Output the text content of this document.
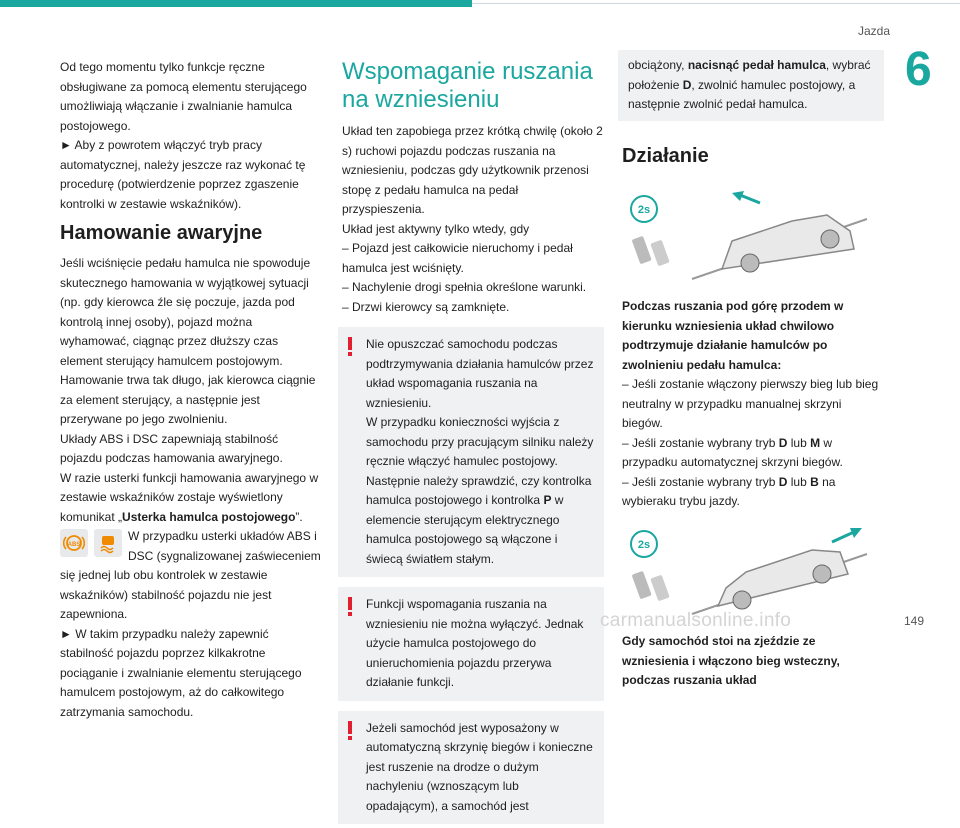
Jazda
6

Od tego momentu tylko funkcje ręczne obsługiwane za pomocą elementu sterującego umożliwiają włączanie i zwalnianie hamulca postojowego.

► Aby z powrotem włączyć tryb pracy automatycznej, należy jeszcze raz wykonać tę procedurę (potwierdzenie poprzez zgaszenie kontrolki w zestawie wskaźników).

Hamowanie awaryjne

Jeśli wciśnięcie pedału hamulca nie spowoduje skutecznego hamowania w wyjątkowej sytuacji (np. gdy kierowca źle się poczuje, jazda pod kontrolą innej osoby), pojazd można wyhamować, ciągnąc przez dłuższy czas element sterujący hamulcem postojowym. Hamowanie trwa tak długo, jak kierowca ciągnie za element sterujący, a następnie jest przerywane po jego zwolnieniu.

Układy ABS i DSC zapewniają stabilność pojazdu podczas hamowania awaryjnego.

W razie usterki funkcji hamowania awaryjnego w zestawie wskaźników zostaje wyświetlony komunikat „Usterka hamulca postojowego”.

ABS

W przypadku usterki układów ABS i DSC (sygnalizowanej zaświeceniem się jednej lub obu kontrolek w zestawie wskaźników) stabilność pojazdu nie jest zapewniona.

► W takim przypadku należy zapewnić stabilność pojazdu poprzez kilkakrotne pociąganie i zwalnianie elementu sterującego hamulcem postojowym, aż do całkowitego zatrzymania samochodu.

Wspomaganie ruszania na wzniesieniu

Układ ten zapobiega przez krótką chwilę (około 2 s) ruchowi pojazdu podczas ruszania na wzniesieniu, podczas gdy użytkownik przenosi stopę z pedału hamulca na pedał przyspieszenia.

Układ jest aktywny tylko wtedy, gdy

– Pojazd jest całkowicie nieruchomy i pedał hamulca jest wciśnięty.

– Nachylenie drogi spełnia określone warunki.

– Drzwi kierowcy są zamknięte.

Nie opuszczać samochodu podczas podtrzymywania działania hamulców przez układ wspomagania ruszania na wzniesieniu.

W przypadku konieczności wyjścia z samochodu przy pracującym silniku należy ręcznie włączyć hamulec postojowy. Następnie należy sprawdzić, czy kontrolka hamulca postojowego i kontrolka P w elemencie sterującym elektrycznego hamulca postojowego są włączone i świecą światłem stałym.

Funkcji wspomagania ruszania na wzniesieniu nie można wyłączyć. Jednak użycie hamulca postojowego do unieruchomienia pojazdu przerywa działanie funkcji.

Jeżeli samochód jest wyposażony w automatyczną skrzynię biegów i konieczne jest ruszenie na drodze o dużym nachyleniu (wznoszącym lub opadającym), a samochód jest

obciążony, nacisnąć pedał hamulca, wybrać położenie D, zwolnić hamulec postojowy, a następnie zwolnić pedał hamulca.

Działanie
2s

Podczas ruszania pod górę przodem w kierunku wzniesienia układ chwilowo podtrzymuje działanie hamulców po zwolnieniu pedału hamulca:

– Jeśli zostanie włączony pierwszy bieg lub bieg neutralny w przypadku manualnej skrzyni biegów.

– Jeśli zostanie wybrany tryb D lub M w przypadku automatycznej skrzyni biegów.

– Jeśli zostanie wybrany tryb D lub B na wybieraku trybu jazdy.

2s

Gdy samochód stoi na zjeździe ze wzniesienia i włączono bieg wsteczny, podczas ruszania układ

carmanualsonline.info	149
